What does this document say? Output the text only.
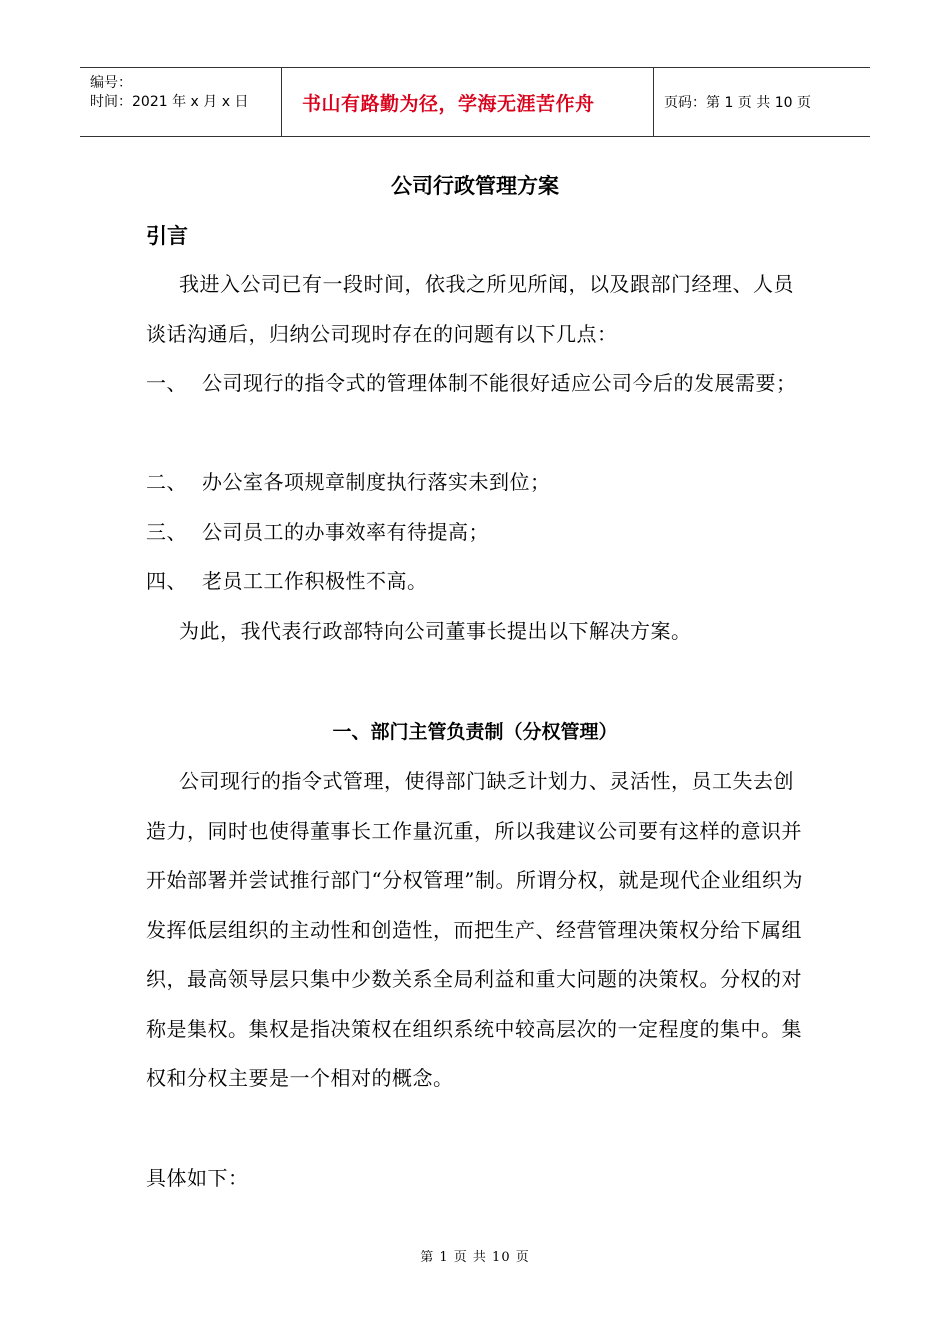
编号：
时间：2021 年 x 月 x 日	书山有路勤为径，学海无涯苦作舟	页码：第 1 页 共 10 页
公司行政管理方案
引言

我进入公司已有一段时间，依我之所见所闻，以及跟部门经理、人员谈话沟通后，归纳公司现时存在的问题有以下几点：

一、 公司现行的指令式的管理体制不能很好适应公司今后的发展需要；
二、 办公室各项规章制度执行落实未到位；
三、 公司员工的办事效率有待提高；
四、 老员工工作积极性不高。

为此，我代表行政部特向公司董事长提出以下解决方案。

一、部门主管负责制（分权管理）

公司现行的指令式管理，使得部门缺乏计划力、灵活性，员工失去创造力，同时也使得董事长工作量沉重，所以我建议公司要有这样的意识并开始部署并尝试推行部门“分权管理”制。所谓分权，就是现代企业组织为发挥低层组织的主动性和创造性，而把生产、经营管理决策权分给下属组织，最高领导层只集中少数关系全局利益和重大问题的决策权。分权的对称是集权。集权是指决策权在组织系统中较高层次的一定程度的集中。集权和分权主要是一个相对的概念。

具体如下：

第 1 页 共 10 页
